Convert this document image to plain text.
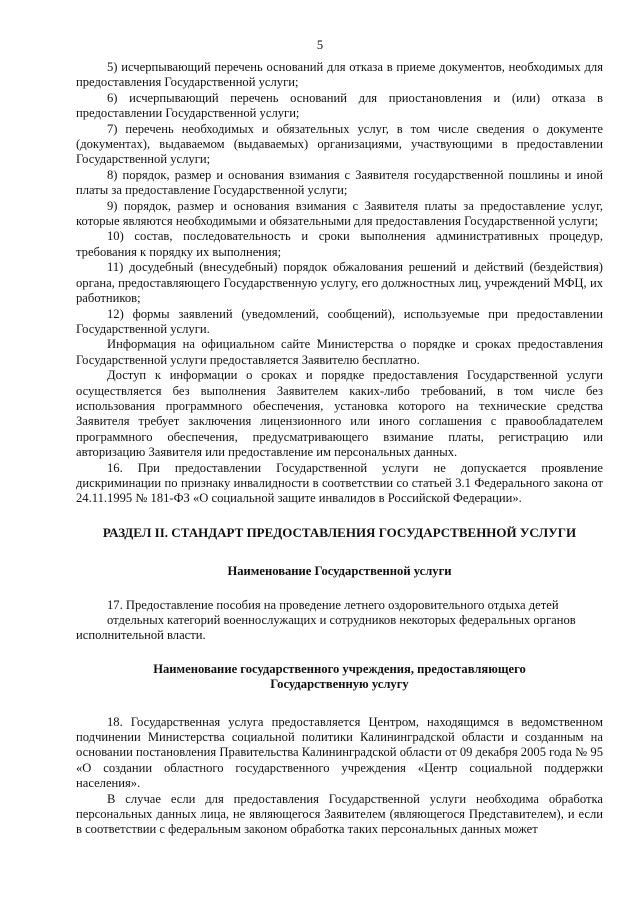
5

5) исчерпывающий перечень оснований для отказа в приеме документов, необходимых для предоставления Государственной услуги;

6) исчерпывающий перечень оснований для приостановления и (или) отказа в предоставлении Государственной услуги;

7) перечень необходимых и обязательных услуг, в том числе сведения о документе (документах), выдаваемом (выдаваемых) организациями, участвующими в предоставлении Государственной услуги;

8) порядок, размер и основания взимания с Заявителя государственной пошлины и иной платы за предоставление Государственной услуги;

9) порядок, размер и основания взимания с Заявителя платы за предоставление услуг, которые являются необходимыми и обязательными для предоставления Государственной услуги;

10) состав, последовательность и сроки выполнения административных процедур, требования к порядку их выполнения;

11) досудебный (внесудебный) порядок обжалования решений и действий (бездействия) органа, предоставляющего Государственную услугу, его должностных лиц, учреждений МФЦ, их работников;

12) формы заявлений (уведомлений, сообщений), используемые при предоставлении Государственной услуги.

Информация на официальном сайте Министерства о порядке и сроках предоставления Государственной услуги предоставляется Заявителю бесплатно.

Доступ к информации о сроках и порядке предоставления Государственной услуги осуществляется без выполнения Заявителем каких-либо требований, в том числе без использования программного обеспечения, установка которого на технические средства Заявителя требует заключения лицензионного или иного соглашения с правообладателем программного обеспечения, предусматривающего взимание платы, регистрацию или авторизацию Заявителя или предоставление им персональных данных.

16. При предоставлении Государственной услуги не допускается проявление дискриминации по признаку инвалидности в соответствии со статьей 3.1 Федерального закона от 24.11.1995 № 181-ФЗ «О социальной защите инвалидов в Российской Федерации».

РАЗДЕЛ II. СТАНДАРТ ПРЕДОСТАВЛЕНИЯ ГОСУДАРСТВЕННОЙ УСЛУГИ

Наименование Государственной услуги

17. Предоставление пособия на проведение летнего оздоровительного отдыха детей

отдельных категорий военнослужащих и сотрудников некоторых федеральных органов

исполнительной власти.

Наименование государственного учреждения, предоставляющего

Государственную услугу

18. Государственная услуга предоставляется Центром, находящимся в ведомственном подчинении Министерства социальной политики Калининградской области и созданным на основании постановления Правительства Калининградской области от 09 декабря 2005 года № 95 «О создании областного государственного учреждения «Центр социальной поддержки населения».

В случае если для предоставления Государственной услуги необходима обработка персональных данных лица, не являющегося Заявителем (являющегося Представителем), и если в соответствии с федеральным законом обработка таких персональных данных может
